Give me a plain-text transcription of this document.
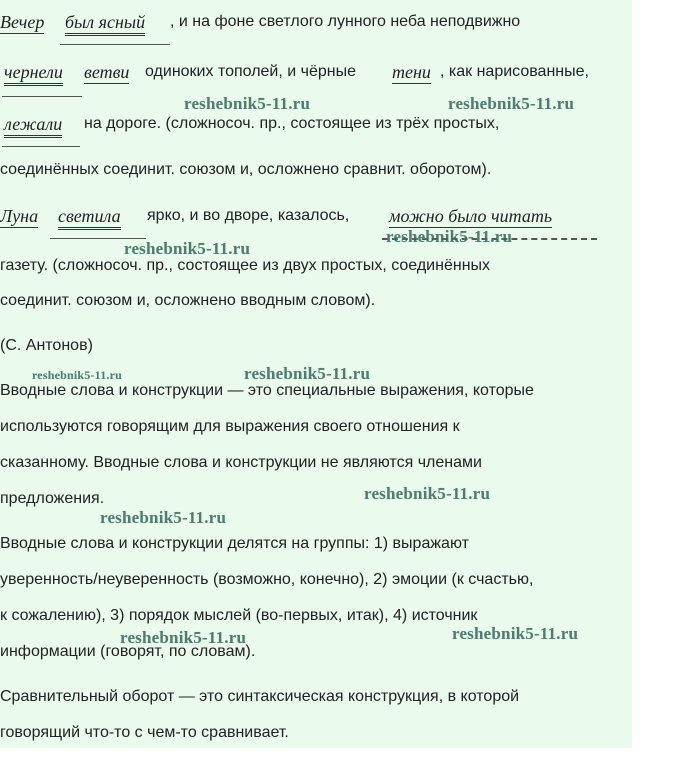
Вечер был ясный , и на фоне светлого лунного неба неподвижно
чернели ветви одиноких тополей, и чёрные тени , как нарисованные,
лежали на дороге. (сложносоч. пр., состоящее из трёх простых,
соединённых соединит. союзом и, осложнено сравнит. оборотом).
Луна светила ярко, и во дворе, казалось, можно было читать
газету. (сложносоч. пр., состоящее из двух простых, соединённых
соединит. союзом и, осложнено вводным словом).
(С. Антонов)
Вводные слова и конструкции — это специальные выражения, которые
используются говорящим для выражения своего отношения к
сказанному. Вводные слова и конструкции не являются членами
предложения.
Вводные слова и конструкции делятся на группы: 1) выражают
уверенность/неуверенность (возможно, конечно), 2) эмоции (к счастью,
к сожалению), 3) порядок мыслей (во-первых, итак), 4) источник
информации (говорят, по словам).
Сравнительный оборот — это синтаксическая конструкция, в которой
говорящий что-то с чем-то сравнивает.
reshebnik5-11.ru	reshebnik5-11.ru
reshebnik5-11.ru
reshebnik5-11.ru
reshebnik5-11.ru	reshebnik5-11.ru
reshebnik5-11.ru
reshebnik5-11.ru
reshebnik5-11.ru
reshebnik5-11.ru
